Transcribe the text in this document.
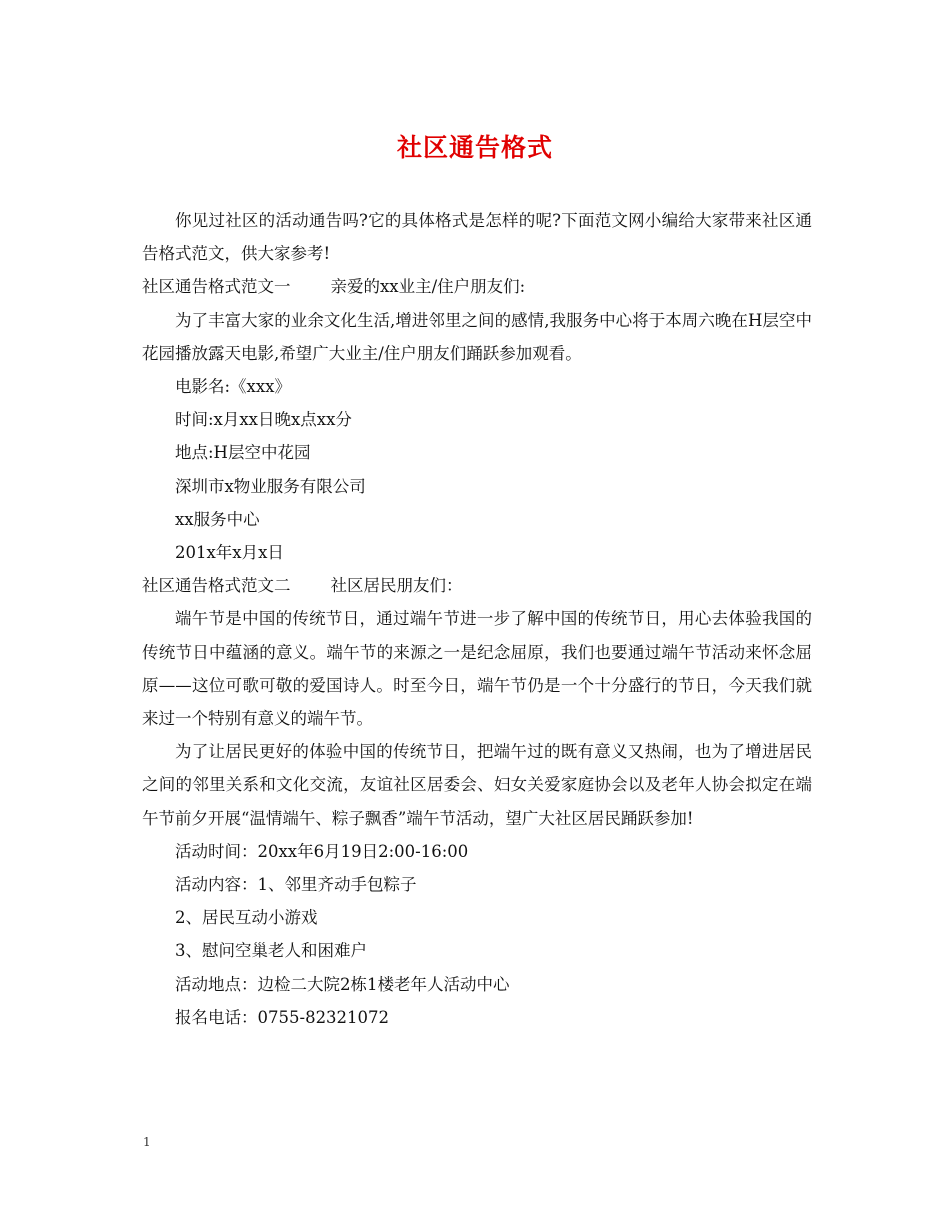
社区通告格式

你见过社区的活动通告吗?它的具体格式是怎样的呢?下面范文网小编给大家带来社区通告格式范文，供大家参考!

社区通告格式范文一 亲爱的xx业主/住户朋友们:

为了丰富大家的业余文化生活,增进邻里之间的感情,我服务中心将于本周六晚在H层空中花园播放露天电影,希望广大业主/住户朋友们踊跃参加观看。

电影名:《xxx》

时间:x月xx日晚x点xx分

地点:H层空中花园

深圳市x物业服务有限公司

xx服务中心

201x年x月x日

社区通告格式范文二 社区居民朋友们：

端午节是中国的传统节日，通过端午节进一步了解中国的传统节日，用心去体验我国的传统节日中蕴涵的意义。端午节的来源之一是纪念屈原，我们也要通过端午节活动来怀念屈原——这位可歌可敬的爱国诗人。时至今日，端午节仍是一个十分盛行的节日，今天我们就来过一个特别有意义的端午节。

为了让居民更好的体验中国的传统节日，把端午过的既有意义又热闹，也为了增进居民之间的邻里关系和文化交流，友谊社区居委会、妇女关爱家庭协会以及老年人协会拟定在端午节前夕开展“温情端午、粽子飘香”端午节活动，望广大社区居民踊跃参加!

活动时间：20xx年6月19日2:00-16:00

活动内容：1、邻里齐动手包粽子

2、居民互动小游戏

3、慰问空巢老人和困难户

活动地点：边检二大院2栋1楼老年人活动中心

报名电话：0755-82321072

1
